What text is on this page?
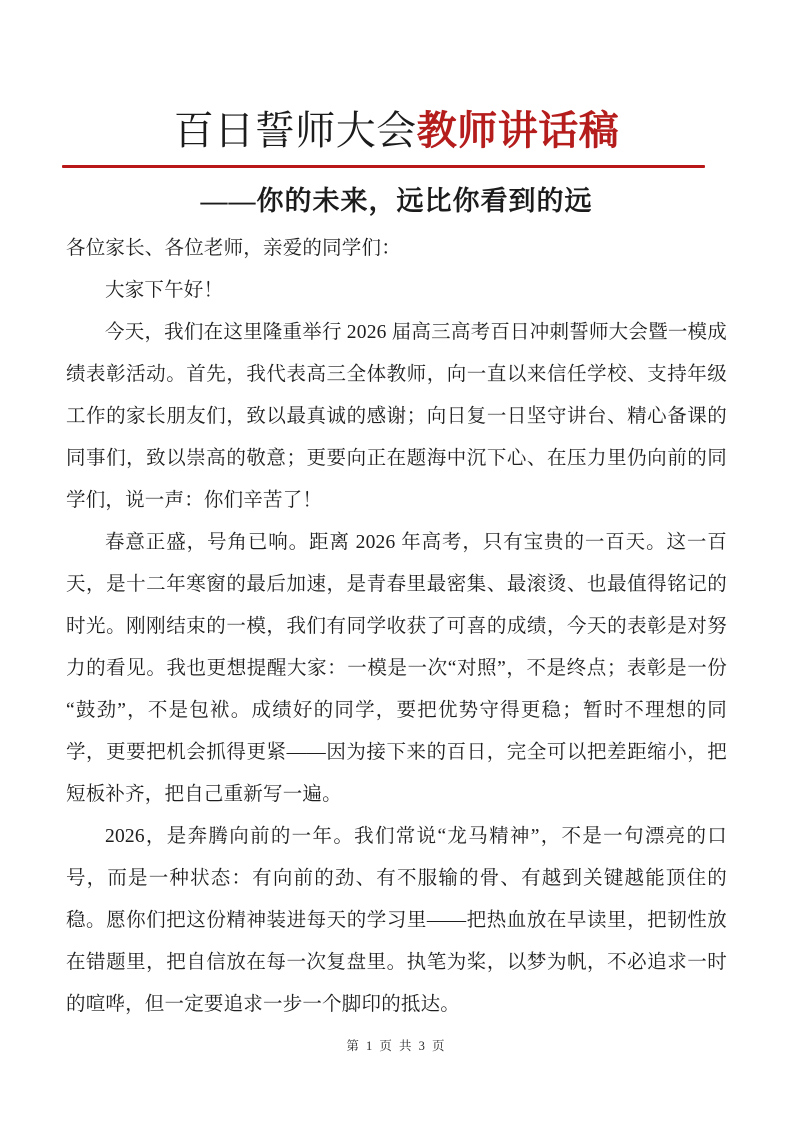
百日誓师大会教师讲话稿
——你的未来，远比你看到的远

各位家长、各位老师，亲爱的同学们：

大家下午好！

今天，我们在这里隆重举行 2026 届高三高考百日冲刺誓师大会暨一模成绩表彰活动。首先，我代表高三全体教师，向一直以来信任学校、支持年级工作的家长朋友们，致以最真诚的感谢；向日复一日坚守讲台、精心备课的同事们，致以崇高的敬意；更要向正在题海中沉下心、在压力里仍向前的同学们，说一声：你们辛苦了！

春意正盛，号角已响。距离 2026 年高考，只有宝贵的一百天。这一百天，是十二年寒窗的最后加速，是青春里最密集、最滚烫、也最值得铭记的时光。刚刚结束的一模，我们有同学收获了可喜的成绩，今天的表彰是对努力的看见。我也更想提醒大家：一模是一次“对照”，不是终点；表彰是一份“鼓劲”，不是包袱。成绩好的同学，要把优势守得更稳；暂时不理想的同学，更要把机会抓得更紧——因为接下来的百日，完全可以把差距缩小，把短板补齐，把自己重新写一遍。

2026，是奔腾向前的一年。我们常说“龙马精神”，不是一句漂亮的口号，而是一种状态：有向前的劲、有不服输的骨、有越到关键越能顶住的稳。愿你们把这份精神装进每天的学习里——把热血放在早读里，把韧性放在错题里，把自信放在每一次复盘里。执笔为桨，以梦为帆，不必追求一时的喧哗，但一定要追求一步一个脚印的抵达。

第 1 页 共 3 页
